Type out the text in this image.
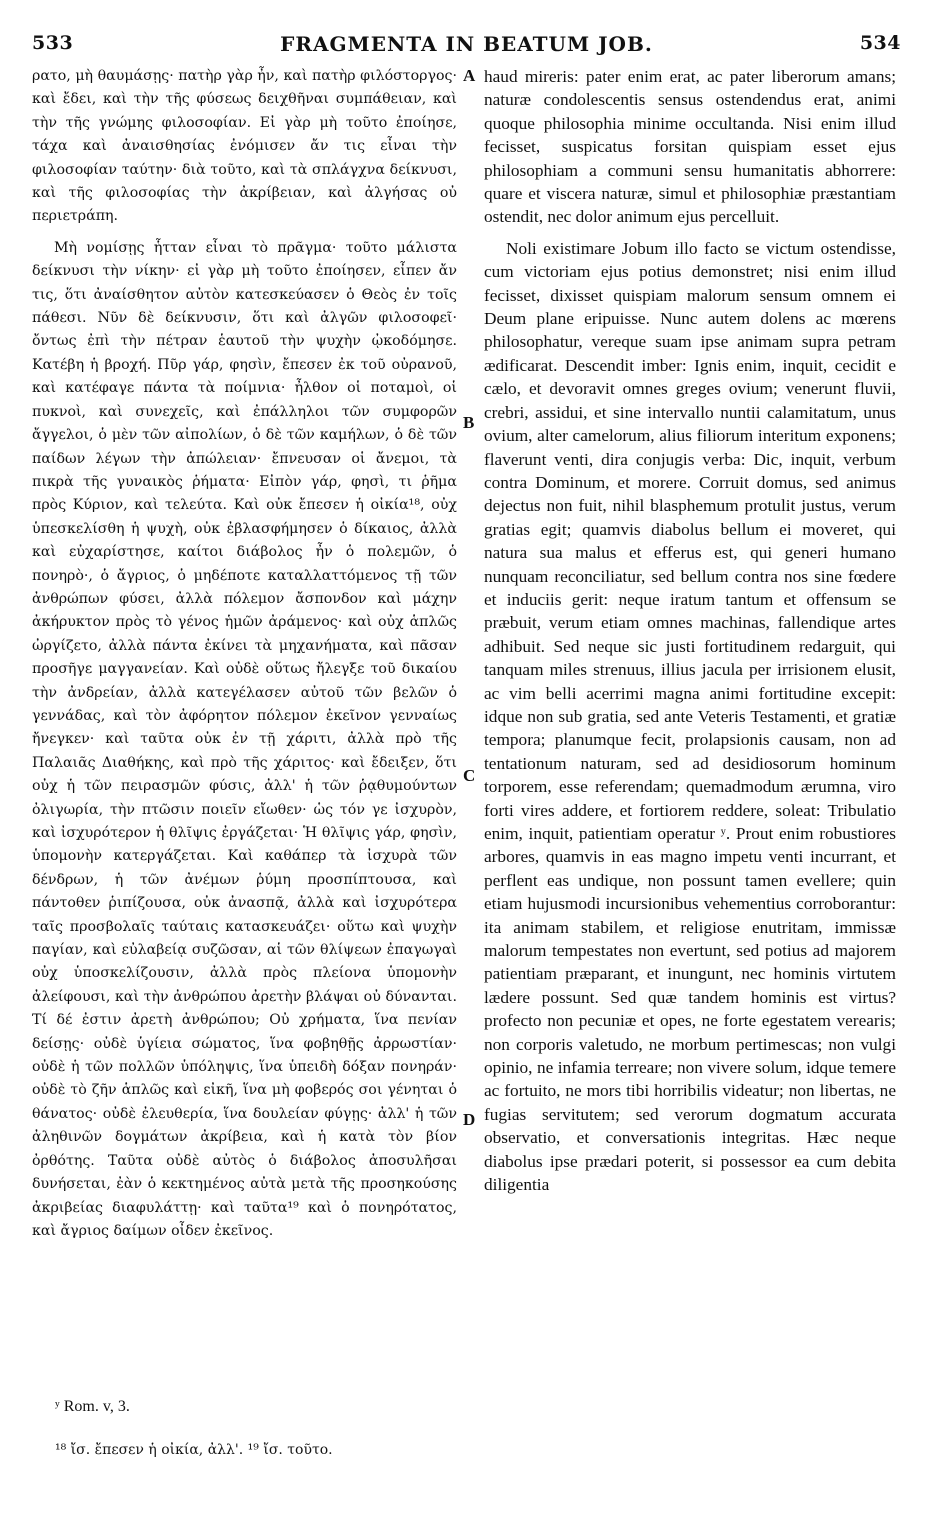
533	FRAGMENTA IN BEATUM JOB.	534

ρατο, μὴ θαυμάσῃς· πατὴρ γὰρ ἦν, καὶ πατὴρ φιλόστοργος· καὶ ἔδει, καὶ τὴν τῆς φύσεως δειχθῆναι συμπάθειαν, καὶ τὴν τῆς γνώμης φιλοσοφίαν. Εἰ γὰρ μὴ τοῦτο ἐποίησε, τάχα καὶ ἀναισθησίας ἐνόμισεν ἄν τις εἶναι τὴν φιλοσοφίαν ταύτην· διὰ τοῦτο, καὶ τὰ σπλάγχνα δείκνυσι, καὶ τῆς φιλοσοφίας τὴν ἀκρίβειαν, καὶ ἀλγήσας οὐ περιετράπη.

Μὴ νομίσῃς ἧτταν εἶναι τὸ πρᾶγμα· τοῦτο μάλιστα δείκνυσι τὴν νίκην· εἰ γὰρ μὴ τοῦτο ἐποίησεν, εἶπεν ἄν τις, ὅτι ἀναίσθητον αὐτὸν κατεσκεύασεν ὁ Θεὸς ἐν τοῖς πάθεσι. Νῦν δὲ δείκνυσιν, ὅτι καὶ ἀλγῶν φιλοσοφεῖ· ὄντως ἐπὶ τὴν πέτραν ἑαυτοῦ τὴν ψυχὴν ᾠκοδόμησε. Κατέβη ἡ βροχή. Πῦρ γάρ, φησὶν, ἔπεσεν ἐκ τοῦ οὐρανοῦ, καὶ κατέφαγε πάντα τὰ ποίμνια· ἦλθον οἱ ποταμοὶ, οἱ πυκνοὶ, καὶ συνεχεῖς, καὶ ἐπάλληλοι τῶν συμφορῶν ἄγγελοι, ὁ μὲν τῶν αἰπολίων, ὁ δὲ τῶν καμήλων, ὁ δὲ τῶν παίδων λέγων τὴν ἀπώλειαν· ἔπνευσαν οἱ ἄνεμοι, τὰ πικρὰ τῆς γυναικὸς ῥήματα· Εἰπὸν γάρ, φησὶ, τι ῥῆμα πρὸς Κύριον, καὶ τελεύτα. Καὶ οὐκ ἔπεσεν ἡ οἰκία¹⁸, οὐχ ὑπεσκελίσθη ἡ ψυχὴ, οὐκ ἐβλασφήμησεν ὁ δίκαιος, ἀλλὰ καὶ εὐχαρίστησε, καίτοι διάβολος ἦν ὁ πολεμῶν, ὁ πονηρὸ·, ὁ ἄγριος, ὁ μηδέποτε καταλλαττόμενος τῇ τῶν ἀνθρώπων φύσει, ἀλλὰ πόλεμον ἄσπονδον καὶ μάχην ἀκήρυκτον πρὸς τὸ γένος ἡμῶν ἀράμενος· καὶ οὐχ ἁπλῶς ὠργίζετο, ἀλλὰ πάντα ἐκίνει τὰ μηχανήματα, καὶ πᾶσαν προσῆγε μαγγανείαν. Καὶ οὐδὲ οὕτως ἤλεγξε τοῦ δικαίου τὴν ἀνδρείαν, ἀλλὰ κατεγέλασεν αὐτοῦ τῶν βελῶν ὁ γεννάδας, καὶ τὸν ἀφόρητον πόλεμον ἐκεῖνον γενναίως ἤνεγκεν· καὶ ταῦτα οὐκ ἐν τῇ χάριτι, ἀλλὰ πρὸ τῆς Παλαιᾶς Διαθήκης, καὶ πρὸ τῆς χάριτος· καὶ ἔδειξεν, ὅτι οὐχ ἡ τῶν πειρασμῶν φύσις, ἀλλ' ἡ τῶν ῥᾳθυμούντων ὀλιγωρία, τὴν πτῶσιν ποιεῖν εἴωθεν· ὡς τόν γε ἰσχυρὸν, καὶ ἰσχυρότερον ἡ θλῖψις ἐργάζεται· Ἡ θλῖψις γάρ, φησὶν, ὑπομονὴν κατεργάζεται. Καὶ καθάπερ τὰ ἰσχυρὰ τῶν δένδρων, ἡ τῶν ἀνέμων ῥύμη προσπίπτουσα, καὶ πάντοθεν ῥιπίζουσα, οὐκ ἀνασπᾷ, ἀλλὰ καὶ ἰσχυρότερα ταῖς προσβολαῖς ταύταις κατασκευάζει· οὕτω καὶ ψυχὴν παγίαν, καὶ εὐλαβείᾳ συζῶσαν, αἱ τῶν θλίψεων ἐπαγωγαὶ οὐχ ὑποσκελίζουσιν, ἀλλὰ πρὸς πλείονα ὑπομονὴν ἀλείφουσι, καὶ τὴν ἀνθρώπου ἀρετὴν βλάψαι οὐ δύνανται. Τί δέ ἐστιν ἀρετὴ ἀνθρώπου; Οὐ χρήματα, ἵνα πενίαν δείσῃς· οὐδὲ ὑγίεια σώματος, ἵνα φοβηθῇς ἀρρωστίαν· οὐδὲ ἡ τῶν πολλῶν ὑπόληψις, ἵνα ὑπειδὴ δόξαν πονηράν· οὐδὲ τὸ ζῆν ἁπλῶς καὶ εἰκῆ, ἵνα μὴ φοβερός σοι γένηται ὁ θάνατος· οὐδὲ ἐλευθερία, ἵνα δουλείαν φύγῃς· ἀλλ' ἡ τῶν ἀληθινῶν δογμάτων ἀκρίβεια, καὶ ἡ κατὰ τὸν βίον ὀρθότης. Ταῦτα οὐδὲ αὐτὸς ὁ διάβολος ἀποσυλῆσαι δυνήσεται, ἐὰν ὁ κεκτημένος αὐτὰ μετὰ τῆς προσηκούσης ἀκριβείας διαφυλάττῃ· καὶ ταῦτα¹⁹ καὶ ὁ πονηρότατος, καὶ ἄγριος δαίμων οἶδεν ἐκεῖνος.

haud mireris: pater enim erat, ac pater liberorum amans; naturæ condolescentis sensus ostendendus erat, animi quoque philosophia minime occultanda. Nisi enim illud fecisset, suspicatus forsitan quispiam esset ejus philosophiam a communi sensu humanitatis abhorrere: quare et viscera naturæ, simul et philosophiæ præstantiam ostendit, nec dolor animum ejus percelluit.

Noli existimare Jobum illo facto se victum ostendisse, cum victoriam ejus potius demonstret; nisi enim illud fecisset, dixisset quispiam malorum sensum omnem ei Deum plane eripuisse. Nunc autem dolens ac mœrens philosophatur, vereque suam ipse animam supra petram ædificarat. Descendit imber: Ignis enim, inquit, cecidit e cælo, et devoravit omnes greges ovium; venerunt fluvii, crebri, assidui, et sine intervallo nuntii calamitatum, unus ovium, alter camelorum, alius filiorum interitum exponens; flaverunt venti, dira conjugis verba: Dic, inquit, verbum contra Dominum, et morere. Corruit domus, sed animus dejectus non fuit, nihil blasphemum protulit justus, verum gratias egit; quamvis diabolus bellum ei moveret, qui natura sua malus et efferus est, qui generi humano nunquam reconciliatur, sed bellum contra nos sine fœdere et induciis gerit: neque iratum tantum et offensum se præbuit, verum etiam omnes machinas, fallendique artes adhibuit. Sed neque sic justi fortitudinem redarguit, qui tanquam miles strenuus, illius jacula per irrisionem elusit, ac vim belli acerrimi magna animi fortitudine excepit: idque non sub gratia, sed ante Veteris Testamenti, et gratiæ tempora; planumque fecit, prolapsionis causam, non ad tentationum naturam, sed ad desidiosorum hominum torporem, esse referendam; quemadmodum ærumna, viro forti vires addere, et fortiorem reddere, soleat: Tribulatio enim, inquit, patientiam operatur ʸ. Prout enim robustiores arbores, quamvis in eas magno impetu venti incurrant, et perflent eas undique, non possunt tamen evellere; quin etiam hujusmodi incursionibus vehementius corroborantur: ita animam stabilem, et religiose enutritam, immissæ malorum tempestates non evertunt, sed potius ad majorem patientiam præparant, et inungunt, nec hominis virtutem lædere possunt. Sed quæ tandem hominis est virtus? profecto non pecuniæ et opes, ne forte egestatem verearis; non corporis valetudo, ne morbum pertimescas; non vulgi opinio, ne infamia terreare; non vivere solum, idque temere ac fortuito, ne mors tibi horribilis videatur; non libertas, ne fugias servitutem; sed verorum dogmatum accurata observatio, et conversationis integritas. Hæc neque diabolus ipse prædari poterit, si possessor ea cum debita diligentia

A
B
C
D
ʸ Rom. v, 3.
¹⁸ ἴσ. ἔπεσεν ἡ οἰκία, ἀλλ'. ¹⁹ ἴσ. τοῦτο.
